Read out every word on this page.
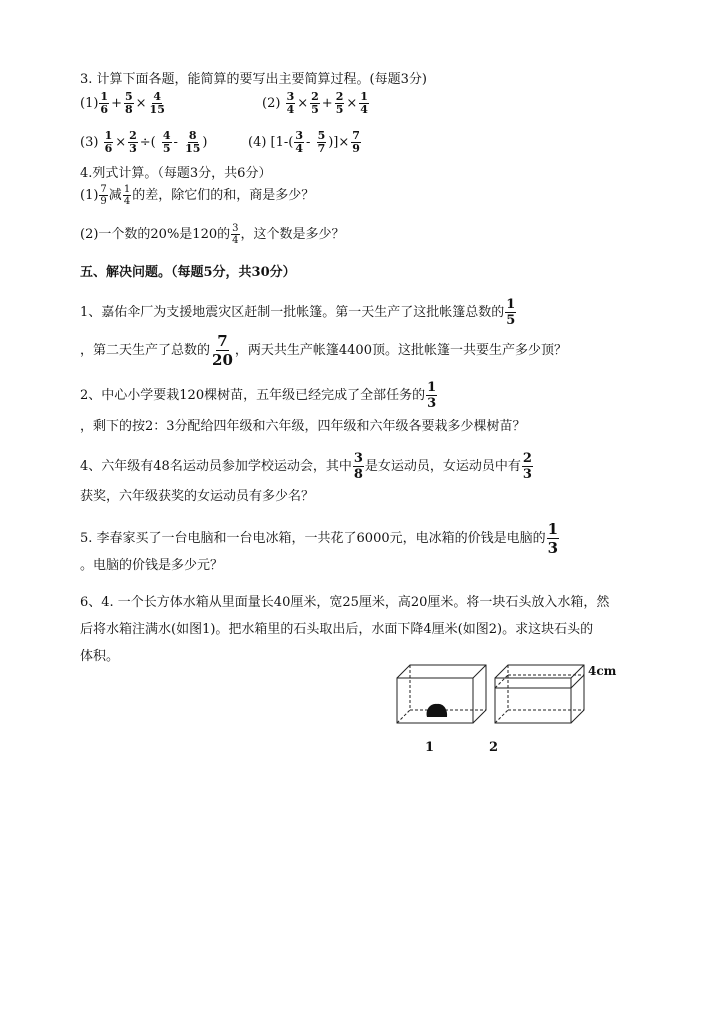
3. 计算下面各题，能简算的要写出主要简算过程。(每题3分)
$(1) \frac{1}{6} + \frac{5}{8} \times \frac{4}{15}$	$(2) \frac{3}{4} \times \frac{2}{5} + \frac{2}{5} \times \frac{1}{4}$
$(3) \frac{1}{6} \times \frac{2}{3}$ ÷( $\frac{4}{5} - \frac{8}{15}$ )	(4) [$1-( \frac{3}{4} - \frac{5}{7}$ )]× $\frac{7}{9}$
4.列式计算。（每题3分，共6分）
$(1) \frac{7}{9}$ 减 $\frac{1}{4}$ 的差，除它们的和，商是多少？
(2)一个数的20%是120的 $\frac{3}{4}$ ，这个数是多少？
五、解决问题。（每题5分，共30分）
1、嘉佑伞厂为支援地震灾区赶制一批帐篷。第一天生产了这批帐篷总数的 $\frac{1}{5}$
，第二天生产了总数的 $\frac{7}{20}$ ，两天共生产帐篷4400顶。这批帐篷一共要生产多少顶？
2、中心小学要栽120棵树苗，五年级已经完成了全部任务的 $\frac{1}{3}$
，剩下的按2：3分配给四年级和六年级，四年级和六年级各要栽多少棵树苗？
4、六年级有48名运动员参加学校运动会，其中 $\frac{3}{8}$ 是女运动员，女运动员中有 $\frac{2}{3}$
获奖，六年级获奖的女运动员有多少名？
5. 李春家买了一台电脑和一台电冰箱，一共花了6000元，电冰箱的价钱是电脑的 $\frac{1}{3}$
。电脑的价钱是多少元？
6、4. 一个长方体水箱从里面量长40厘米，宽25厘米，高20厘米。将一块石头放入水箱，然
后将水箱注满水(如图1)。把水箱里的石头取出后，水面下降4厘米(如图2)。求这块石头的
体积。
4cm
1	2
